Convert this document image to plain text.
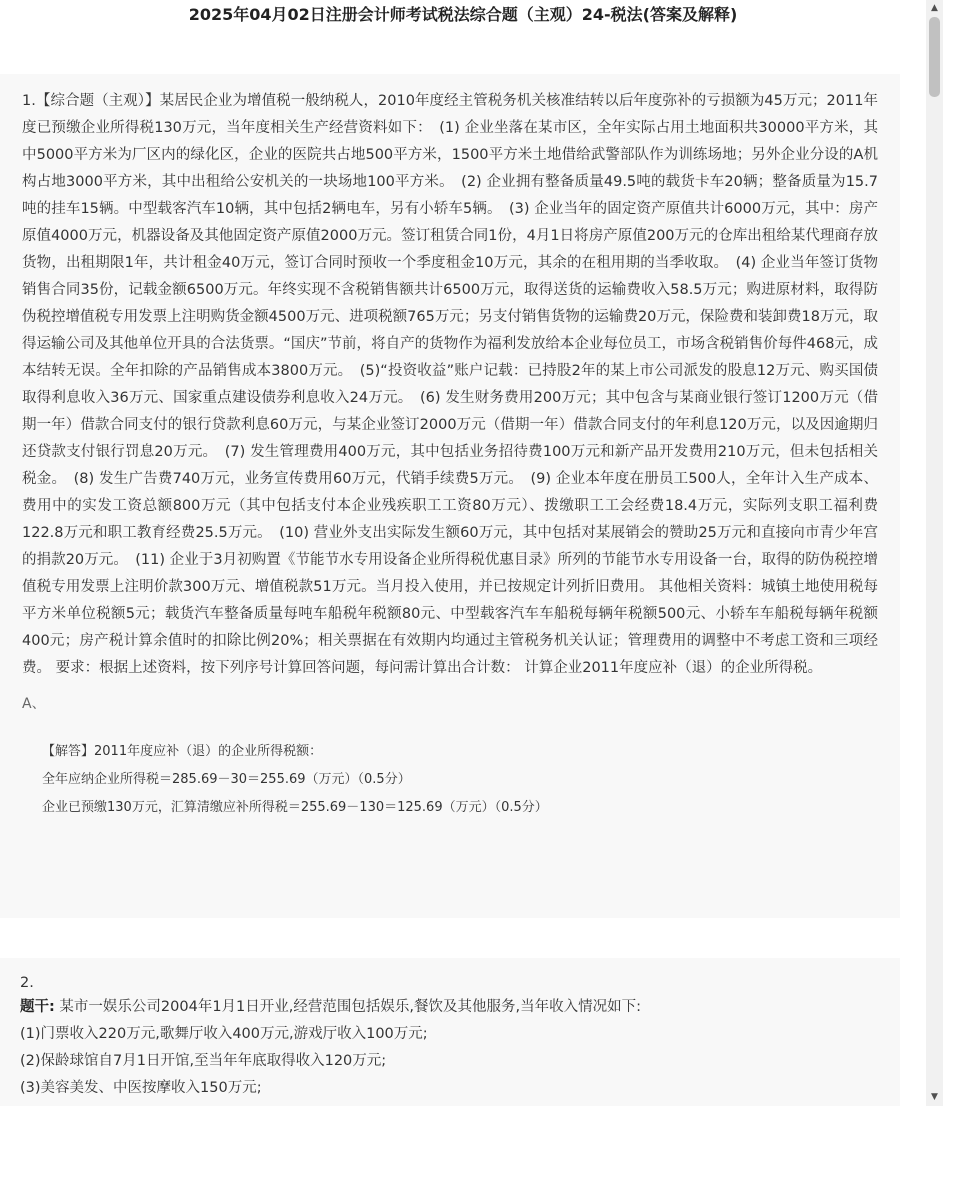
2025年04月02日注册会计师考试税法综合题（主观）24-税法(答案及解释)

1.【综合题（主观）】某居民企业为增值税一般纳税人，2010年度经主管税务机关核准结转以后年度弥补的亏损额为45万元；2011年度已预缴企业所得税130万元，当年度相关生产经营资料如下：　(1) 企业坐落在某市区，全年实际占用土地面积共30000平方米，其中5000平方米为厂区内的绿化区，企业的医院共占地500平方米，1500平方米土地借给武警部队作为训练场地；另外企业分设的A机构占地3000平方米，其中出租给公安机关的一块场地100平方米。　(2) 企业拥有整备质量49.5吨的载货卡车20辆；整备质量为15.7吨的挂车15辆。中型载客汽车10辆，其中包括2辆电车，另有小轿车5辆。　(3) 企业当年的固定资产原值共计6000万元，其中：房产原值4000万元，机器设备及其他固定资产原值2000万元。签订租赁合同1份，4月1日将房产原值200万元的仓库出租给某代理商存放货物，出租期限1年，共计租金40万元，签订合同时预收一个季度租金10万元，其余的在租用期的当季收取。　(4) 企业当年签订货物销售合同35份，记载金额6500万元。年终实现不含税销售额共计6500万元，取得送货的运输费收入58.5万元；购进原材料，取得防伪税控增值税专用发票上注明购货金额4500万元、进项税额765万元；另支付销售货物的运输费20万元，保险费和装卸费18万元，取得运输公司及其他单位开具的合法货票。“国庆”节前，将自产的货物作为福利发放给本企业每位员工，市场含税销售价每件468元，成本结转无误。全年扣除的产品销售成本3800万元。　(5)“投资收益”账户记载：已持股2年的某上市公司派发的股息12万元、购买国债取得利息收入36万元、国家重点建设债券利息收入24万元。　(6) 发生财务费用200万元；其中包含与某商业银行签订1200万元（借期一年）借款合同支付的银行贷款利息60万元，与某企业签订2000万元（借期一年）借款合同支付的年利息120万元，以及因逾期归还贷款支付银行罚息20万元。　(7) 发生管理费用400万元，其中包括业务招待费100万元和新产品开发费用210万元，但未包括相关税金。　(8) 发生广告费740万元，业务宣传费用60万元，代销手续费5万元。　(9) 企业本年度在册员工500人，全年计入生产成本、费用中的实发工资总额800万元（其中包括支付本企业残疾职工工资80万元）、拨缴职工工会经费18.4万元，实际列支职工福利费122.8万元和职工教育经费25.5万元。　(10) 营业外支出实际发生额60万元，其中包括对某展销会的赞助25万元和直接向市青少年宫的捐款20万元。　(11) 企业于3月初购置《节能节水专用设备企业所得税优惠目录》所列的节能节水专用设备一台，取得的防伪税控增值税专用发票上注明价款300万元、增值税款51万元。当月投入使用，并已按规定计列折旧费用。 其他相关资料：城镇土地使用税每平方米单位税额5元；载货汽车整备质量每吨车船税年税额80元、中型载客汽车车船税每辆年税额500元、小轿车车船税每辆年税额400元；房产税计算余值时的扣除比例20%；相关票据在有效期内均通过主管税务机关认证；管理费用的调整中不考虑工资和三项经费。 要求：根据上述资料，按下列序号计算回答问题，每问需计算出合计数： 计算企业2011年度应补（退）的企业所得税。

A、
【解答】2011年度应补（退）的企业所得税额：
全年应纳企业所得税＝285.69－30＝255.69（万元）（0.5分）
企业已预缴130万元，汇算清缴应补所得税＝255.69－130＝125.69（万元）（0.5分）
2.
题干: 某市一娱乐公司2004年1月1日开业,经营范围包括娱乐,餐饮及其他服务,当年收入情况如下:
(1)门票收入220万元,歌舞厅收入400万元,游戏厅收入100万元;
(2)保龄球馆自7月1日开馆,至当年年底取得收入120万元;
(3)美容美发、中医按摩收入150万元;
▲
▼
